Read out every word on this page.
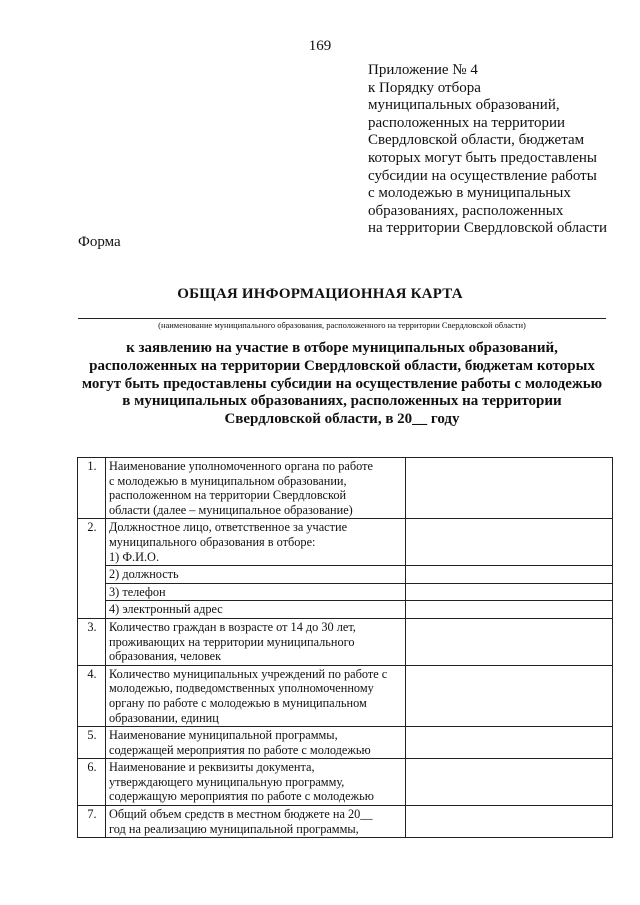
169
Приложение № 4
к Порядку отбора
муниципальных образований,
расположенных на территории
Свердловской области, бюджетам
которых могут быть предоставлены
субсидии на осуществление работы
с молодежью в муниципальных
образованиях, расположенных
на территории Свердловской области
Форма
ОБЩАЯ ИНФОРМАЦИОННАЯ КАРТА
(наименование муниципального образования, расположенного на территории Свердловской области)
к заявлению на участие в отборе муниципальных образований,
расположенных на территории Свердловской области, бюджетам которых
могут быть предоставлены субсидии на осуществление работы с молодежью
в муниципальных образованиях, расположенных на территории
Свердловской области, в 20__ году
1.	Наименование уполномоченного органа по работе
с молодежью в муниципальном образовании,
расположенном на территории Свердловской
области (далее – муниципальное образование)	

2.	Должностное лицо, ответственное за участие
муниципального образования в отборе:
1) Ф.И.О.	

	2) должность	

	3) телефон	

	4) электронный адрес	

3.	Количество граждан в возрасте от 14 до 30 лет,
проживающих на территории муниципального
образования, человек	

4.	Количество муниципальных учреждений по работе с
молодежью, подведомственных уполномоченному
органу по работе с молодежью в муниципальном
образовании, единиц	

5.	Наименование муниципальной программы,
содержащей мероприятия по работе с молодежью	

6.	Наименование и реквизиты документа,
утверждающего муниципальную программу,
содержащую мероприятия по работе с молодежью	

7.	Общий объем средств в местном бюджете на 20__
год на реализацию муниципальной программы,	
